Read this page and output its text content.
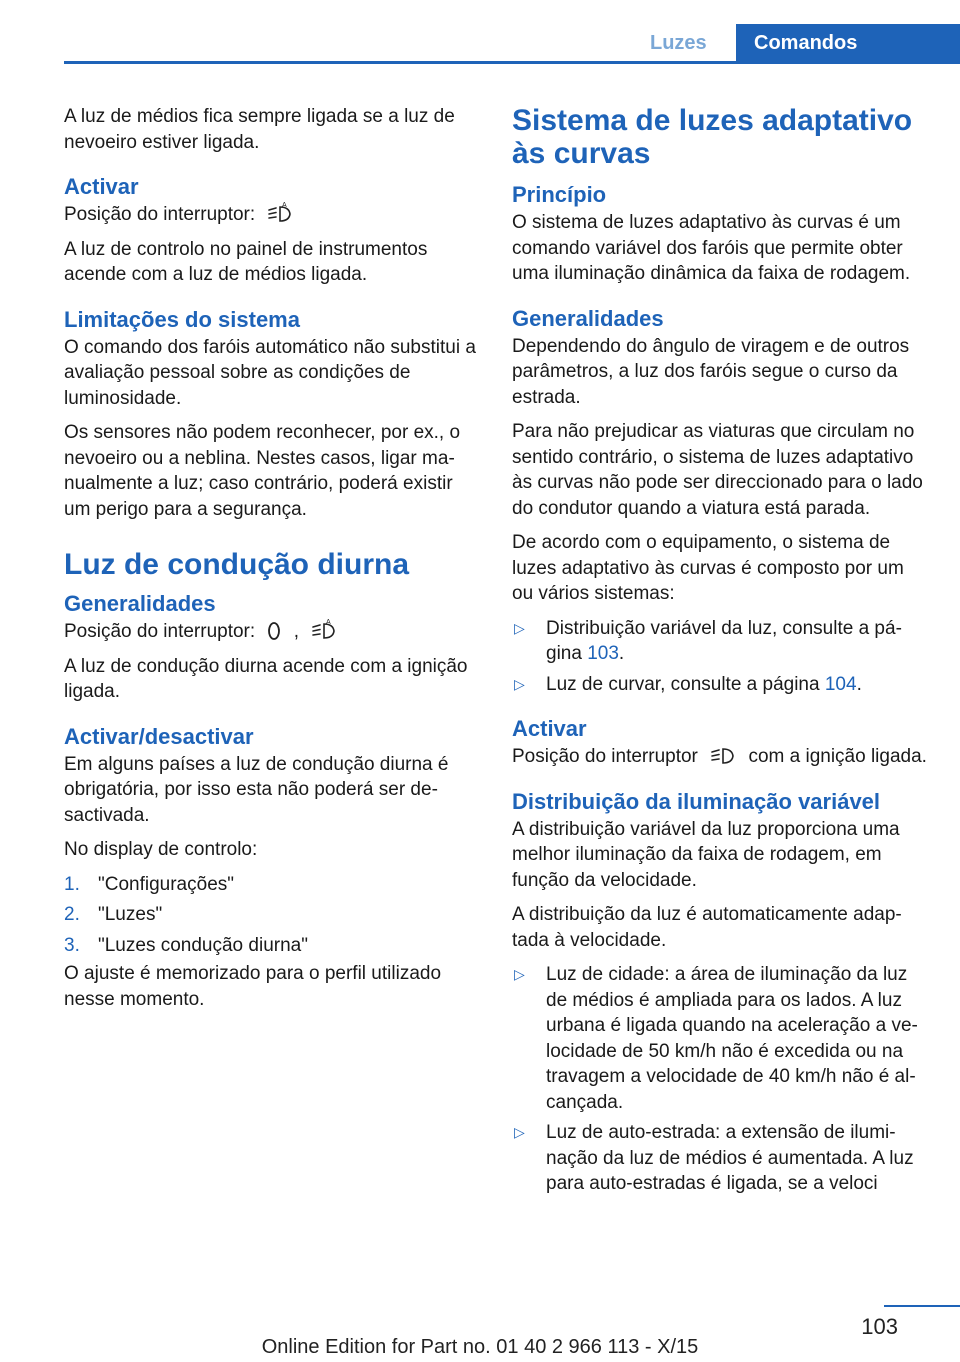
Luzes Comandos

A luz de médios fica sempre ligada se a luz de nevoeiro estiver ligada.

Activar

Posição do interruptor:	A

A luz de controlo no painel de instrumentos acende com a luz de médios ligada.

Limitações do sistema

O comando dos faróis automático não substitui a avaliação pessoal sobre as condições de luminosidade.

Os sensores não podem reconhecer, por ex., o nevoeiro ou a neblina. Nestes casos, ligar manualmente a luz; caso contrário, poderá existir um perigo para a segurança.

Luz de condução diurna
Generalidades

Posição do interruptor: ,	A

A luz de condução diurna acende com a ignição ligada.

Activar/desactivar

Em alguns países a luz de condução diurna é obrigatória, por isso esta não poderá ser desactivada.

No display de controlo:

1. "Configurações"
2. "Luzes"
3. "Luzes condução diurna"

O ajuste é memorizado para o perfil utilizado nesse momento.

Sistema de luzes adaptativo às curvas
Princípio

O sistema de luzes adaptativo às curvas é um comando variável dos faróis que permite obter uma iluminação dinâmica da faixa de rodagem.

Generalidades

Dependendo do ângulo de viragem e de outros parâmetros, a luz dos faróis segue o curso da estrada.

Para não prejudicar as viaturas que circulam no sentido contrário, o sistema de luzes adaptativo às curvas não pode ser direccionado para o lado do condutor quando a viatura está parada.

De acordo com o equipamento, o sistema de luzes adaptativo às curvas é composto por um ou vários sistemas:

▷ Distribuição variável da luz, consulte a página 103.
▷ Luz de curvar, consulte a página 104.
Activar

Posição do interruptor	com a ignição ligada.

Distribuição da iluminação variável

A distribuição variável da luz proporciona uma melhor iluminação da faixa de rodagem, em função da velocidade.

A distribuição da luz é automaticamente adaptada à velocidade.

▷ Luz de cidade: a área de iluminação da luz de médios é ampliada para os lados. A luz urbana é ligada quando na aceleração a velocidade de 50 km/h não é excedida ou na travagem a velocidade de 40 km/h não é alcançada.
▷ Luz de auto-estrada: a extensão de iluminação da luz de médios é aumentada. A luz para auto-estradas é ligada, se a veloci
103
Online Edition for Part no. 01 40 2 966 113 - X/15
